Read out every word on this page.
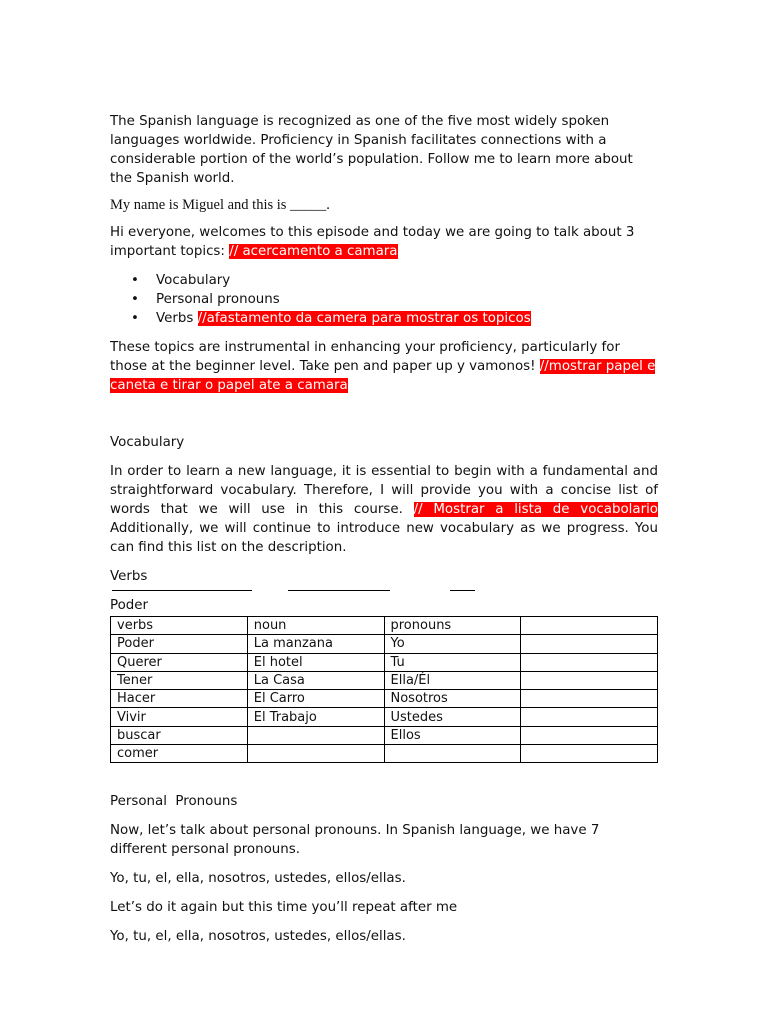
The Spanish language is recognized as one of the five most widely spoken languages worldwide. Proficiency in Spanish facilitates connections with a considerable portion of the world’s population. Follow me to learn more about the Spanish world.

My name is Miguel and this is _____.

Hi everyone, welcomes to this episode and today we are going to talk about 3 important topics: // acercamento a camara

• Vocabulary
• Personal pronouns
• Verbs //afastamento da camera para mostrar os topicos

These topics are instrumental in enhancing your proficiency, particularly for those at the beginner level. Take pen and paper up y vamonos! //mostrar papel e caneta e tirar o papel ate a camara

Vocabulary

In order to learn a new language, it is essential to begin with a fundamental and straightforward vocabulary. Therefore, I will provide you with a concise list of words that we will use in this course. // Mostrar a lista de vocabolario Additionally, we will continue to introduce new vocabulary as we progress. You can find this list on the description.

Verbs

Poder

verbs	noun	pronouns	
Poder	La manzana	Yo	
Querer	El hotel	Tu	
Tener	La Casa	Ella/Él	
Hacer	El Carro	Nosotros	
Vivir	El Trabajo	Ustedes	
buscar		Ellos	
comer			

Personal  Pronouns

Now, let’s talk about personal pronouns. In Spanish language, we have 7 different personal pronouns.

Yo, tu, el, ella, nosotros, ustedes, ellos/ellas.

Let’s do it again but this time you’ll repeat after me

Yo, tu, el, ella, nosotros, ustedes, ellos/ellas.
